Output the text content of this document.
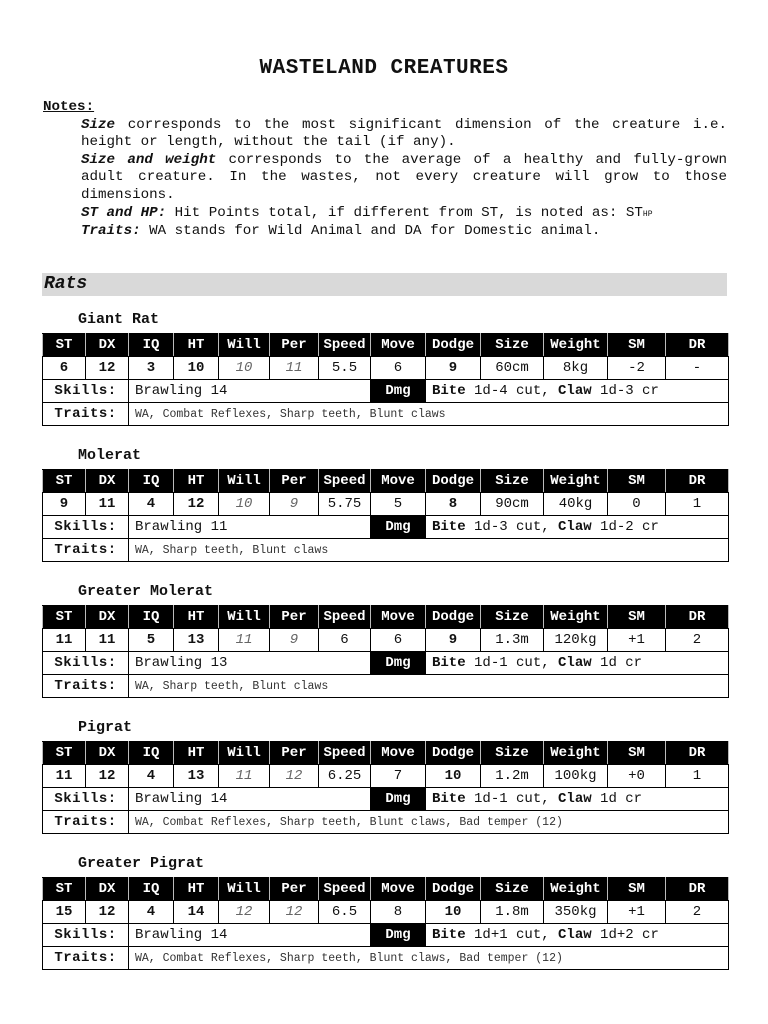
WASTELAND CREATURES
Notes:
Size corresponds to the most significant dimension of the creature i.e. height or length, without the tail (if any).
Size and weight corresponds to the average of a healthy and fully-grown adult creature. In the wastes, not every creature will grow to those dimensions.
ST and HP: Hit Points total, if different from ST, is noted as: STHP
Traits: WA stands for Wild Animal and DA for Domestic animal.
Rats
Giant Rat
ST	DX	IQ	HT	Will	Per	Speed	Move	Dodge	Size	Weight	SM	DR
6	12	3	10	10	11	5.5	6	9	60cm	8kg	-2	-
Skills:		Brawling 14					Dmg	Bite 1d-4 cut, Claw 1d-3 cr				
Traits:		WA, Combat Reflexes, Sharp teeth, Blunt claws										
Molerat
ST	DX	IQ	HT	Will	Per	Speed	Move	Dodge	Size	Weight	SM	DR
9	11	4	12	10	9	5.75	5	8	90cm	40kg	0	1
Skills:		Brawling 11					Dmg	Bite 1d-3 cut, Claw 1d-2 cr				
Traits:		WA, Sharp teeth, Blunt claws										
Greater Molerat
ST	DX	IQ	HT	Will	Per	Speed	Move	Dodge	Size	Weight	SM	DR
11	11	5	13	11	9	6	6	9	1.3m	120kg	+1	2
Skills:		Brawling 13					Dmg	Bite 1d-1 cut, Claw 1d cr				
Traits:		WA, Sharp teeth, Blunt claws										
Pigrat
ST	DX	IQ	HT	Will	Per	Speed	Move	Dodge	Size	Weight	SM	DR
11	12	4	13	11	12	6.25	7	10	1.2m	100kg	+0	1
Skills:		Brawling 14					Dmg	Bite 1d-1 cut, Claw 1d cr				
Traits:		WA, Combat Reflexes, Sharp teeth, Blunt claws, Bad temper (12)										
Greater Pigrat
ST	DX	IQ	HT	Will	Per	Speed	Move	Dodge	Size	Weight	SM	DR
15	12	4	14	12	12	6.5	8	10	1.8m	350kg	+1	2
Skills:		Brawling 14					Dmg	Bite 1d+1 cut, Claw 1d+2 cr				
Traits:		WA, Combat Reflexes, Sharp teeth, Blunt claws, Bad temper (12)										
